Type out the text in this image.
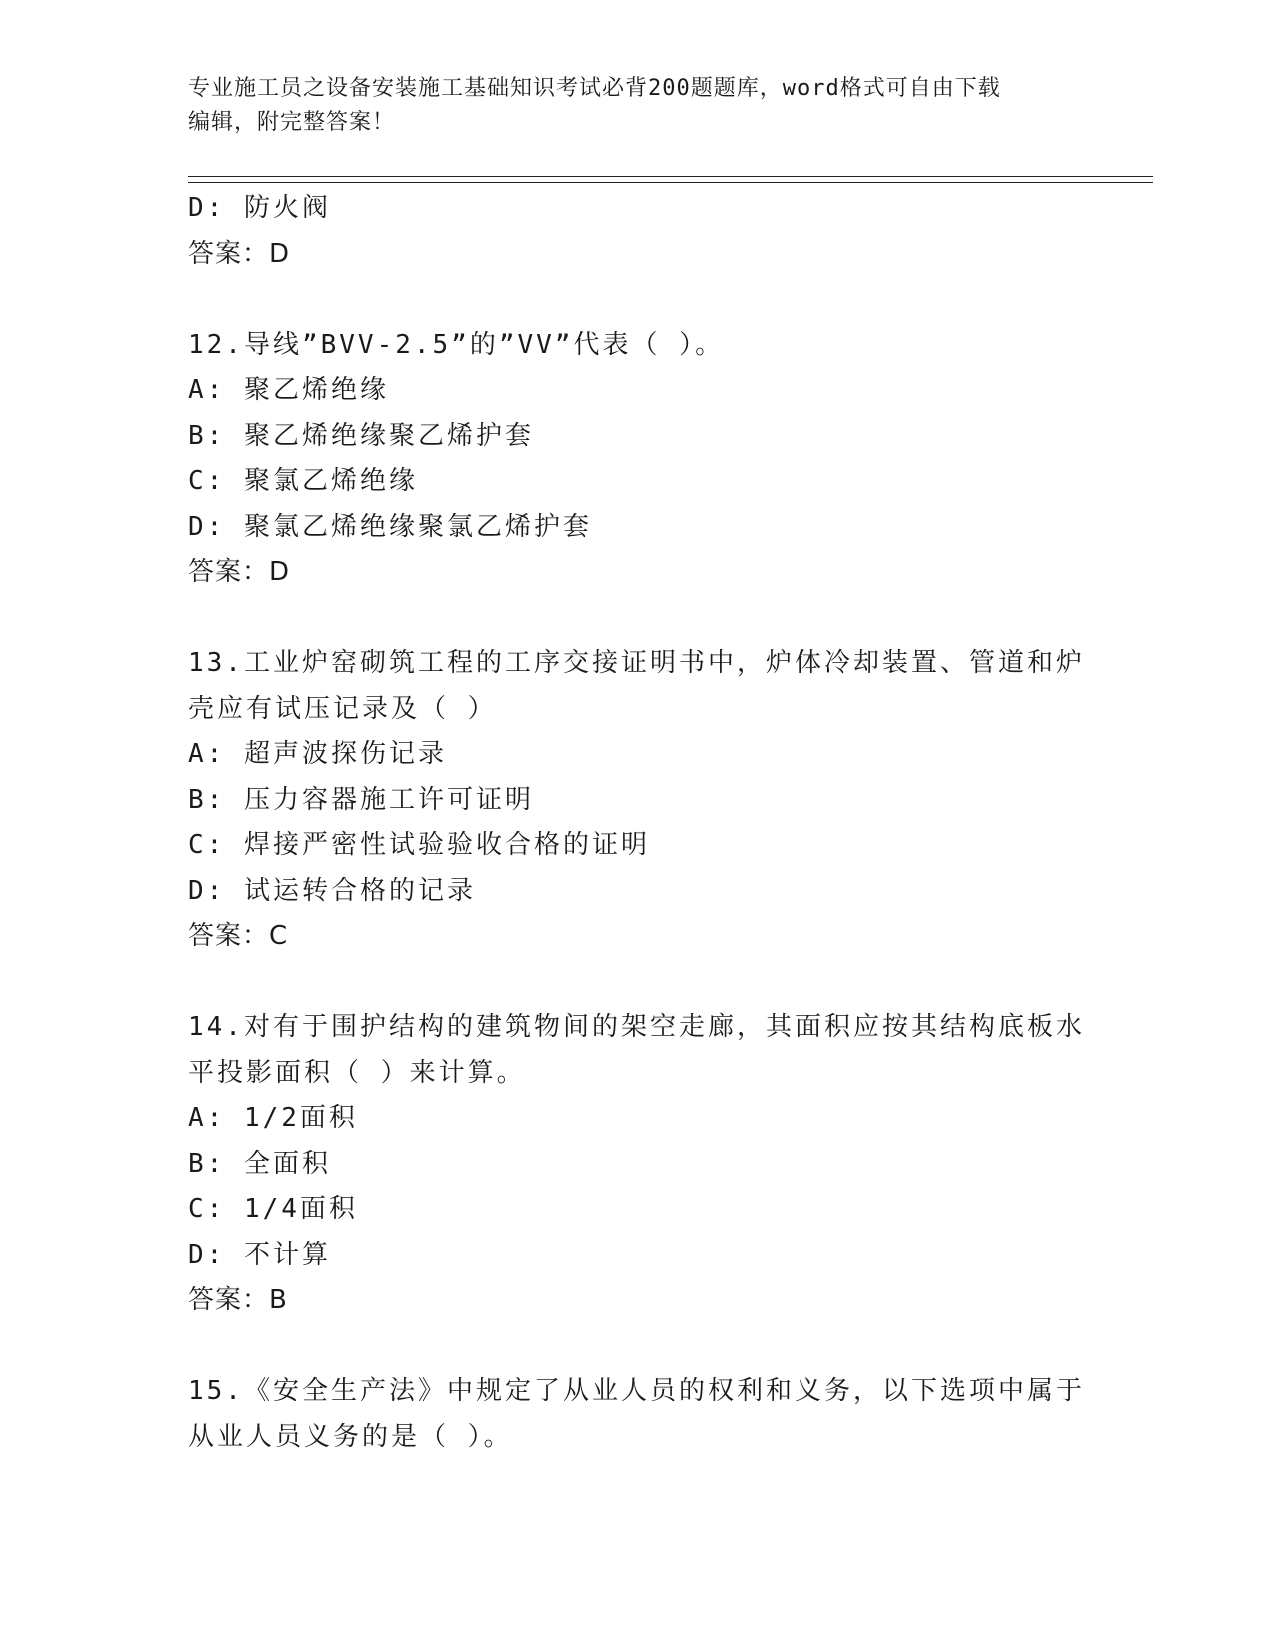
专业施工员之设备安装施工基础知识考试必背200题题库，word格式可自由下载
编辑，附完整答案！
D: 防火阀
答案：D
12.导线”BVV-2.5”的”VV”代表（ ）。
A: 聚乙烯绝缘
B: 聚乙烯绝缘聚乙烯护套
C: 聚氯乙烯绝缘
D: 聚氯乙烯绝缘聚氯乙烯护套
答案：D
13.工业炉窑砌筑工程的工序交接证明书中，炉体冷却装置、管道和炉
壳应有试压记录及（ ）
A: 超声波探伤记录
B: 压力容器施工许可证明
C: 焊接严密性试验验收合格的证明
D: 试运转合格的记录
答案：C
14.对有于围护结构的建筑物间的架空走廊，其面积应按其结构底板水
平投影面积（ ）来计算。
A: 1/2面积
B: 全面积
C: 1/4面积
D: 不计算
答案：B
15.《安全生产法》中规定了从业人员的权利和义务，以下选项中属于
从业人员义务的是（ ）。
